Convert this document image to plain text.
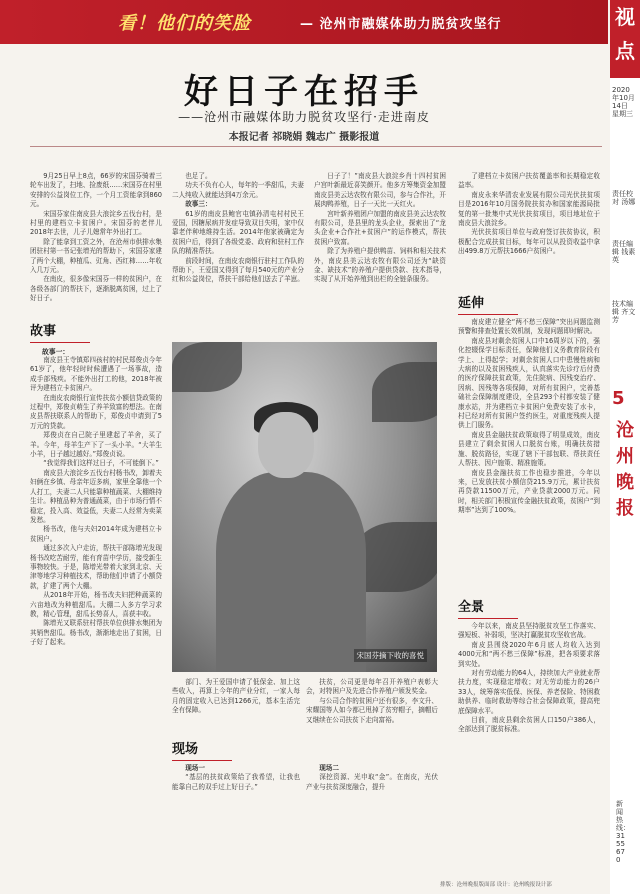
看！他们的笑脸	— 沧州市融媒体助力脱贫攻坚行	视点
2020年10月14日 星期三
责任校对 汤娜
责任编辑 钱素英
技术编辑 齐文芳
5
沧州晚报
新闻热线：3155670
好日子在招手
——沧州市融媒体助力脱贫攻坚行·走进南皮
本报记者 祁晓娟 魏志广 摄影报道

9月25日早上8点，66岁的宋国芬骑着三轮车出发了，扫地、捡废纸……宋国芬在村里安排的公益岗位工作，一个月工资能拿到860元。

宋国芬家住南皮县大浪淀乡五伐台村，是村里的建档立卡贫困户。宋国芬的老伴儿2018年去世，儿子儿媳常年外出打工。

除了能拿到工资之外，在沧州市供排水集团驻村第一书记张增光的帮助下，宋国芬家建了两个大棚，种植瓜、豇角、西红柿……年收入几万元。

在南皮，很多像宋国芬一样的贫困户，在各级各部门的帮扶下，逐渐脱离贫困，过上了好日子。

故事
故事一：

南皮县王寺镇郑四孩村的村民郑俊贞今年61岁了，他年轻时时候遭遇了一场事故，造成手部残疾。不能外出打工的他，2018年被评为建档立卡贫困户。

在南皮农商银行宣传扶贫小额信贷政策的过程中，郑俊贞萌生了养羊致富的想法。在南皮县帮扶联系人的帮助下，郑俊贞申请到了5万元的贷款。

郑俊贞在自己院子里建起了羊舍，买了羊。今年，母羊生产下了一头小羊。“大羊生小羊，日子越过越好。”郑俊贞说。

“我觉得我们这样过日子，不可能倒下。”

南皮县大浪淀乡五伐台村杨书改，卸着夫妇俩在乡镇、母亲年迈多病，家里全靠他一个人打工，夫妻二人只能靠种植蔬菜、大棚维持生计。种植品种为普通蔬菜，由于市场行情不稳定，投入高、效益低，夫妻二人经常为卖菜发愁。

杨书改，他与夫妇2014年成为建档立卡贫困户。

通过多次入户走访，帮扶干部陈增光发现杨书改吃苦耐劳，能有育苗中学历，接受新生事物较快。于是，陈增光带着大家到北京、天津等地学习种植技术，帮助他们申请了小额贷款，扩建了两个大棚。

从2018年开始，杨书改夫妇把种蔬菜的六亩地改为种植甜瓜。大棚二人多方学习求教，精心管理，甜瓜长势喜人，喜获丰收。

陈增光又联系驻村帮扶单位供排水集团为其销售甜瓜。杨书改，渐渐地走出了贫困，日子好了起来。

也足了。

功夫不负有心人，每年的一季甜瓜，夫妻二人纯收入就能达到4万余元。

故事三：

61岁的南皮县鲍官屯镇孙清屯村村民王爱国，因糖尿病并发症导致双目失明，家中仅靠老伴种地维持生活。2014年他家被确定为贫困户后，得到了各级党委、政府和驻村工作队的精准帮扶。

前段时间，在南皮农商银行驻村工作队的帮助下，王爱国又得到了每月540元的产业分红和公益岗位，帮扶干部给他们送去了羊崽。

日子了！”南皮县大浪淀乡肖十四村贫困户宫叶新最近喜笑颜开。他多方筹集资金加盟南皮县美云达农牧有限公司，参与合作社，开展肉鸭养殖，日子一天比一天红火。

宫叶新养殖团户加盟的南皮县美云达农牧有限公司，是县里的龙头企业，探索出了“龙头企业+合作社+贫困户”的运作模式，帮扶贫困户致富。

除了为养殖户提供鸭苗、饲料和相关技术外，南皮县美云达农牧有限公司还为“缺资金、缺技术”的养殖户提供贷款、技术指导，实现了从开始养殖到出栏的全链条服务。

宋国芬摘下收的喜悦

部门、为王爱国申请了低保金、加上这些收入，再算上今年的产业分红，一家人每月的固定收入已达到1266元，基本生活完全有保障。

扶贫，公司更是每年召开养殖户表彰大会，对特困户及先进合作养殖户颁发奖金。

与公司合作的贫困户还有很多，李文升、宋耀国等人如今都已甩掉了贫穷帽子，摘帽后又继续在公司扶贫下走向富裕。

现场

现场一

“基层的扶贫政策给了我希望，让我也能靠自己的双手过上好日子。”

现场二

深挖资源、光申取“金”。在南皮，光伏产业与扶贫深度融合，提升

了建档立卡贫困户扶贫覆盖率和长期稳定收益率。

南皮永来华清农业发展有限公司光伏扶贫项目是2016年10月国务院扶贫办和国家能源局批复的第一批集中式光伏扶贫项目，项目地址位于南皮县大浪淀乡。

光伏扶贫项目单位与政府签订扶贫协议，积极配合完成扶贫目标，每年可以从投资收益中拿出499.8万元帮扶1666户贫困户。

延伸

南皮建立健全“两不愁三保障”突出问题监测预警和排查处置长效机制，发现问题即时解决。

南皮县对剩余贫困人口中16周岁以下的，强化控辍保学目标责任，保障他们义务教育阶段有学上、上得起学；对剩余贫困人口中患慢性病和大病的以及贫困残疾人，认真落实先诊疗后付费的医疗保障扶贫政策，先住院病、因残变治疗、因病、因残等各项保障，对所有贫困户，完善基础社会保障制度建设，全县293个村都安装了健康水站，并为建档立卡贫困户免费安装了水卡，村已经对所有贫困户签约医生，对重度残疾人提供上门服务。

南皮县金融扶贫政策取得了明显成效，南皮县建立了剩余贫困人口脱贫台账，明确扶贫措施、脱贫路径，实现了辖下干部包联、帮扶责任人帮扶、因户施策、精准施策。

南皮县金融扶贫工作也稳步推进，今年以来，已发放扶贫小额信贷215.9万元，累计扶贫再贷款11500万元，产业贷款2000万元。同时，相关部门积极宣传金融扶贫政策，贫困户“到期率”达到了100%。

全景

今年以来，南皮县坚持脱贫攻坚工作落实、强短板、补弱项，坚决打赢脱贫攻坚收官战。

南皮县围绕2020年6月底人均收入达到4000元和“两不愁三保障”标准，把各项要求落到实处。

对有劳动能力的64人，持续加大产业就业帮扶力度，实现稳定增收；对无劳动能力的26户33人，统筹落实低保、医保、养老保险、特困救助供养、临时救助等综合社会保障政策，提高兜底保障水平。

目前，南皮县剩余贫困人口150户386人，全部达到了脱贫标准。

排版：沧州晚报版面部 设计：沧州晚报设计部
